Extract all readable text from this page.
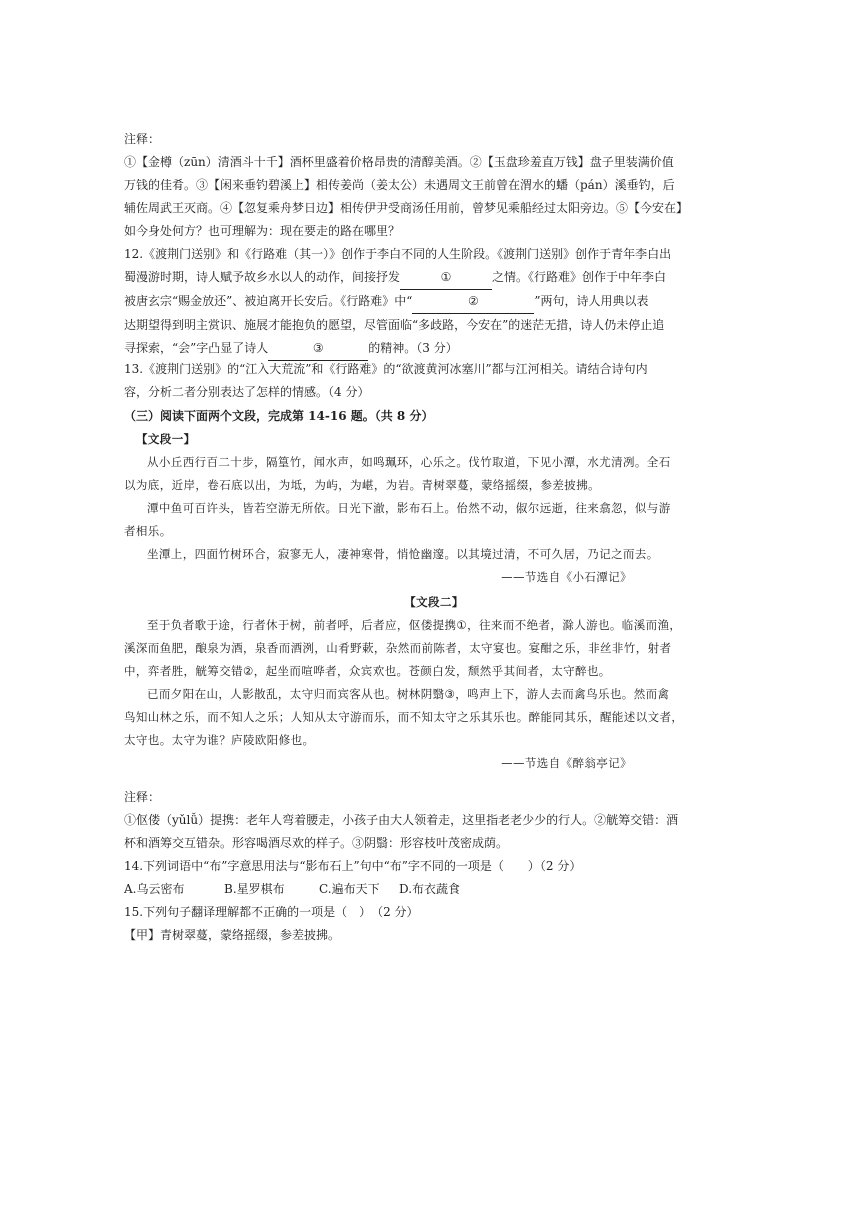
注释：

①【金樽（zūn）清酒斗十千】酒杯里盛着价格昂贵的清醇美酒。②【玉盘珍羞直万钱】盘子里装满价值

万钱的佳肴。③【闲来垂钓碧溪上】相传姜尚（姜太公）未遇周文王前曾在渭水的蟠（pán）溪垂钓，后

辅佐周武王灭商。④【忽复乘舟梦日边】相传伊尹受商汤任用前，曾梦见乘船经过太阳旁边。⑤【今安在】

如今身处何方？也可理解为：现在要走的路在哪里？

12.《渡荆门送别》和《行路难（其一）》创作于李白不同的人生阶段。《渡荆门送别》创作于青年李白出

蜀漫游时期，诗人赋予故乡水以人的动作，间接抒发	①	之情。《行路难》创作于中年李白

被唐玄宗“赐金放还”、被迫离开长安后。《行路难》中“	②	”两句，诗人用典以表

达期望得到明主赏识、施展才能抱负的愿望，尽管面临“多歧路，今安在”的迷茫无措，诗人仍未停止追

寻探索，“会”字凸显了诗人	③	的精神。（3 分）

13.《渡荆门送别》的“江入大荒流”和《行路难》的“欲渡黄河冰塞川”都与江河相关。请结合诗句内

容，分析二者分别表达了怎样的情感。（4 分）

（三）阅读下面两个文段，完成第 14-16 题。（共 8 分）

【文段一】

从小丘西行百二十步，隔篁竹，闻水声，如鸣珮环，心乐之。伐竹取道，下见小潭，水尤清冽。全石

以为底，近岸，卷石底以出，为坻，为屿，为嵁，为岩。青树翠蔓，蒙络摇缀，参差披拂。

潭中鱼可百许头，皆若空游无所依。日光下澈，影布石上。佁然不动，俶尔远逝，往来翕忽，似与游

者相乐。

坐潭上，四面竹树环合，寂寥无人，凄神寒骨，悄怆幽邃。以其境过清，不可久居，乃记之而去。

——节选自《小石潭记》

【文段二】

至于负者歌于途，行者休于树，前者呼，后者应，伛偻提携①，往来而不绝者，滁人游也。临溪而渔，

溪深而鱼肥，酿泉为酒，泉香而酒洌，山肴野蔌，杂然而前陈者，太守宴也。宴酣之乐，非丝非竹，射者

中，弈者胜，觥筹交错②，起坐而喧哗者，众宾欢也。苍颜白发，颓然乎其间者，太守醉也。

已而夕阳在山，人影散乱，太守归而宾客从也。树林阴翳③，鸣声上下，游人去而禽鸟乐也。然而禽

鸟知山林之乐，而不知人之乐；人知从太守游而乐，而不知太守之乐其乐也。醉能同其乐，醒能述以文者，

太守也。太守为谁？庐陵欧阳修也。

——节选自《醉翁亭记》

注释：

①伛偻（yǔlǚ）提携：老年人弯着腰走，小孩子由大人领着走，这里指老老少少的行人。②觥筹交错：酒

杯和酒筹交互错杂。形容喝酒尽欢的样子。③阴翳：形容枝叶茂密成荫。

14.下列词语中“布”字意思用法与“影布石上”句中“布”字不同的一项是（　　）（2 分）

A.乌云密布	B.星罗棋布	C.遍布天下 D.布衣蔬食

15.下列句子翻译理解都不正确的一项是（　）　（2 分）

【甲】青树翠蔓，蒙络摇缀，参差披拂。
